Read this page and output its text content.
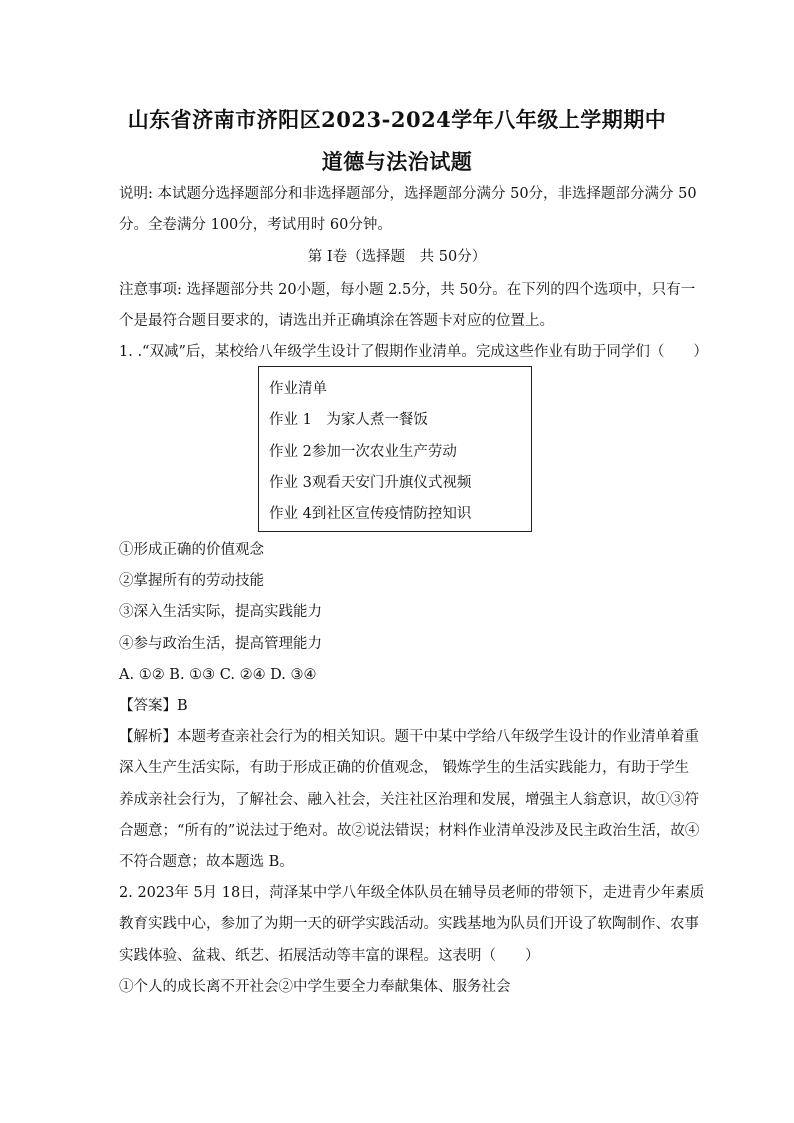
山东省济南市济阳区2023-2024学年八年级上学期期中
道德与法治试题
说明: 本试题分选择题部分和非选择题部分，选择题部分满分 50分，非选择题部分满分 50
分。全卷满分 100分，考试用时 60分钟。
第 I卷（选择题　共 50分）
注意事项: 选择题部分共 20小题，每小题 2.5分，共 50分。在下列的四个选项中，只有一
个是最符合题目要求的，请选出并正确填涂在答题卡对应的位置上。
1. .“双减”后，某校给八年级学生设计了假期作业清单。完成这些作业有助于同学们（　　）
作业清单
作业 1　为家人煮一餐饭
作业 2参加一次农业生产劳动
作业 3观看天安门升旗仪式视频
作业 4到社区宣传疫情防控知识
①形成正确的价值观念
②掌握所有的劳动技能
③深入生活实际，提高实践能力
④参与政治生活，提高管理能力
A. ①② B. ①③ C. ②④ D. ③④
【答案】B
【解析】本题考查亲社会行为的相关知识。题干中某中学给八年级学生设计的作业清单着重
深入生产生活实际，有助于形成正确的价值观念， 锻炼学生的生活实践能力，有助于学生
养成亲社会行为，了解社会、融入社会，关注社区治理和发展，增强主人翁意识，故①③符
合题意；“所有的”说法过于绝对。故②说法错误；材料作业清单没涉及民主政治生活，故④
不符合题意；故本题选 B。
2. 2023年 5月 18日，菏泽某中学八年级全体队员在辅导员老师的带领下，走进青少年素质
教育实践中心，参加了为期一天的研学实践活动。实践基地为队员们开设了软陶制作、农事
实践体验、盆栽、纸艺、拓展活动等丰富的课程。这表明（　　）
①个人的成长离不开社会②中学生要全力奉献集体、服务社会
